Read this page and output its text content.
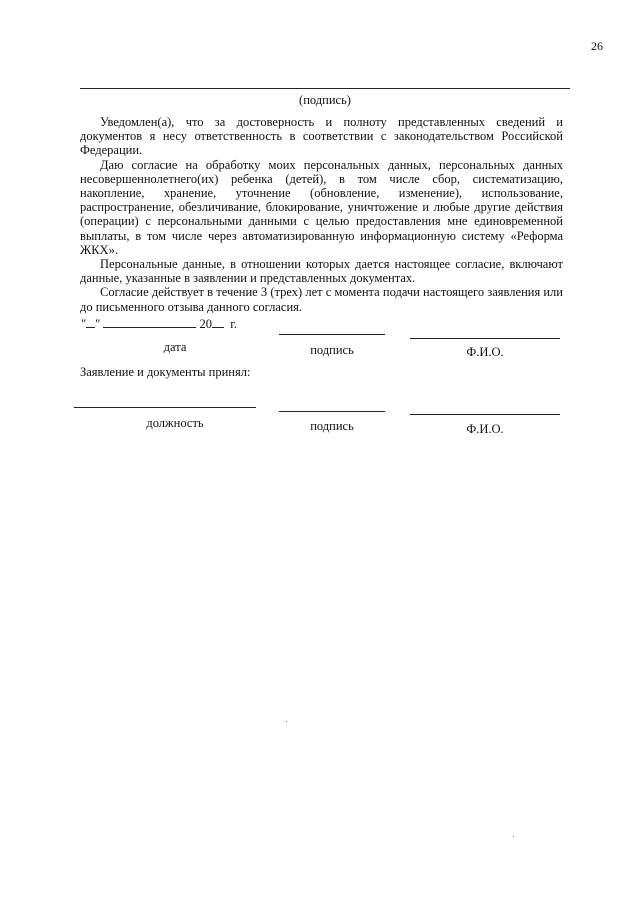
26
(подпись)

Уведомлен(а), что за достоверность и полноту представленных сведений и документов я несу ответственность в соответствии с законодательством Российской Федерации.

Даю согласие на обработку моих персональных данных, персональных данных несовершеннолетнего(их) ребенка (детей), в том числе сбор, систематизацию, накопление, хранение, уточнение (обновление, изменение), использование, распространение, обезличивание, блокирование, уничтожение и любые другие действия (операции) с персональными данными с целью предоставления мне единовременной выплаты, в том числе через автоматизированную информационную систему «Реформа ЖКХ».

Персональные данные, в отношении которых дается настоящее согласие, включают данные, указанные в заявлении и представленных документах.

Согласие действует в течение 3 (трех) лет с момента подачи настоящего заявления или до письменного отзыва данного согласия.

" "	20 г.
дата	подпись	Ф.И.О.
Заявление и документы принял:
должность	подпись	Ф.И.О.
